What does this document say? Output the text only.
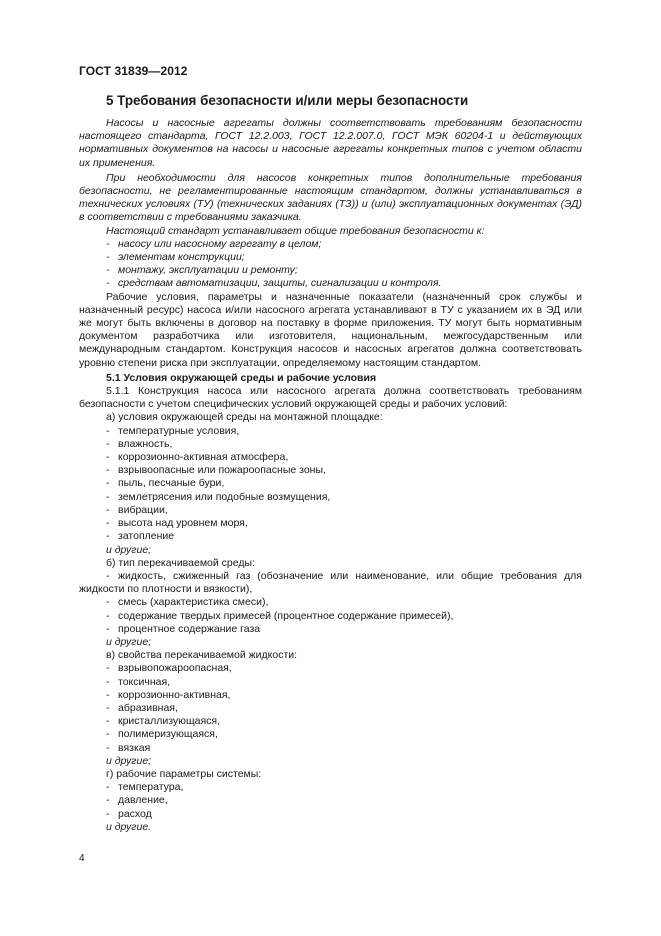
ГОСТ 31839—2012
5 Требования безопасности и/или меры безопасности

Насосы и насосные агрегаты должны соответствовать требованиям безопасности настоящего стандарта, ГОСТ 12.2.003, ГОСТ 12.2.007.0, ГОСТ МЭК 60204-1 и действующих нормативных документов на насосы и насосные агрегаты конкретных типов с учетом области их применения.

При необходимости для насосов конкретных типов дополнительные требования безопасности, не регламентированные настоящим стандартом, должны устанавливаться в технических условиях (ТУ) (технических заданиях (ТЗ)) и (или) эксплуатационных документах (ЭД) в соответствии с требованиями заказчика.

Настоящий стандарт устанавливает общие требования безопасности к:

- насосу или насосному агрегату в целом;

- элементам конструкции;

- монтажу, эксплуатации и ремонту;

- средствам автоматизации, защиты, сигнализации и контроля.

Рабочие условия, параметры и назначенные показатели (назначенный срок службы и назначенный ресурс) насоса и/или насосного агрегата устанавливают в ТУ с указанием их в ЭД или же могут быть включены в договор на поставку в форме приложения. ТУ могут быть нормативным документом разработчика или изготовителя, национальным, межгосударственным или международным стандартом. Конструкция насосов и насосных агрегатов должна соответствовать уровню степени риска при эксплуатации, определяемому настоящим стандартом.

5.1 Условия окружающей среды и рабочие условия

5.1.1 Конструкция насоса или насосного агрегата должна соответствовать требованиям безопасности с учетом специфических условий окружающей среды и рабочих условий:

а) условия окружающей среды на монтажной площадке:

- температурные условия,

- влажность,

- коррозионно-активная атмосфера,

- взрывоопасные или пожароопасные зоны,

- пыль, песчаные бури,

- землетрясения или подобные возмущения,

- вибрации,

- высота над уровнем моря,

- затопление

и другие;

б) тип перекачиваемой среды:

- жидкость, сжиженный газ (обозначение или наименование, или общие требования для жидкости по плотности и вязкости),

- смесь (характеристика смеси),

- содержание твердых примесей (процентное содержание примесей),

- процентное содержание газа

и другие;

в) свойства перекачиваемой жидкости:

- взрывопожароопасная,

- токсичная,

- коррозионно-активная,

- абразивная,

- кристаллизующаяся,

- полимеризующаяся,

- вязкая

и другие;

г) рабочие параметры системы:

- температура,

- давление,

- расход

и другие.

4
